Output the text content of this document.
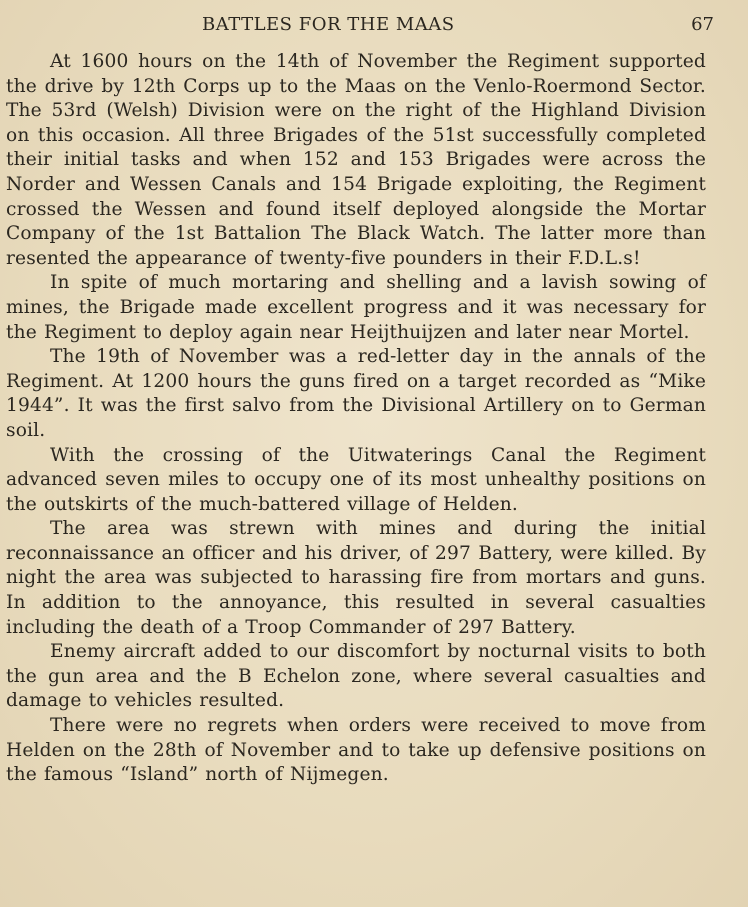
BATTLES FOR THE MAAS	67

At 1600 hours on the 14th of November the Regiment supported the drive by 12th Corps up to the Maas on the Venlo-Roermond Sector. The 53rd (Welsh) Division were on the right of the Highland Division on this occasion. All three Brigades of the 51st successfully completed their initial tasks and when 152 and 153 Brigades were across the Norder and Wessen Canals and 154 Brigade exploiting, the Regiment crossed the Wessen and found itself deployed alongside the Mortar Company of the 1st Battalion The Black Watch. The latter more than resented the appearance of twenty-five pounders in their F.D.L.s!

In spite of much mortaring and shelling and a lavish sowing of mines, the Brigade made excellent progress and it was necessary for the Regiment to deploy again near Heijthuijzen and later near Mortel.

The 19th of November was a red-letter day in the annals of the Regiment. At 1200 hours the guns fired on a target recorded as “Mike 1944”. It was the first salvo from the Divisional Artillery on to German soil.

With the crossing of the Uitwaterings Canal the Regiment advanced seven miles to occupy one of its most unhealthy positions on the outskirts of the much-battered village of Helden.

The area was strewn with mines and during the initial reconnaissance an officer and his driver, of 297 Battery, were killed. By night the area was subjected to harassing fire from mortars and guns. In addition to the annoyance, this resulted in several casualties including the death of a Troop Commander of 297 Battery.

Enemy aircraft added to our discomfort by nocturnal visits to both the gun area and the B Echelon zone, where several casualties and damage to vehicles resulted.

There were no regrets when orders were received to move from Helden on the 28th of November and to take up defensive positions on the famous “Island” north of Nijmegen.
